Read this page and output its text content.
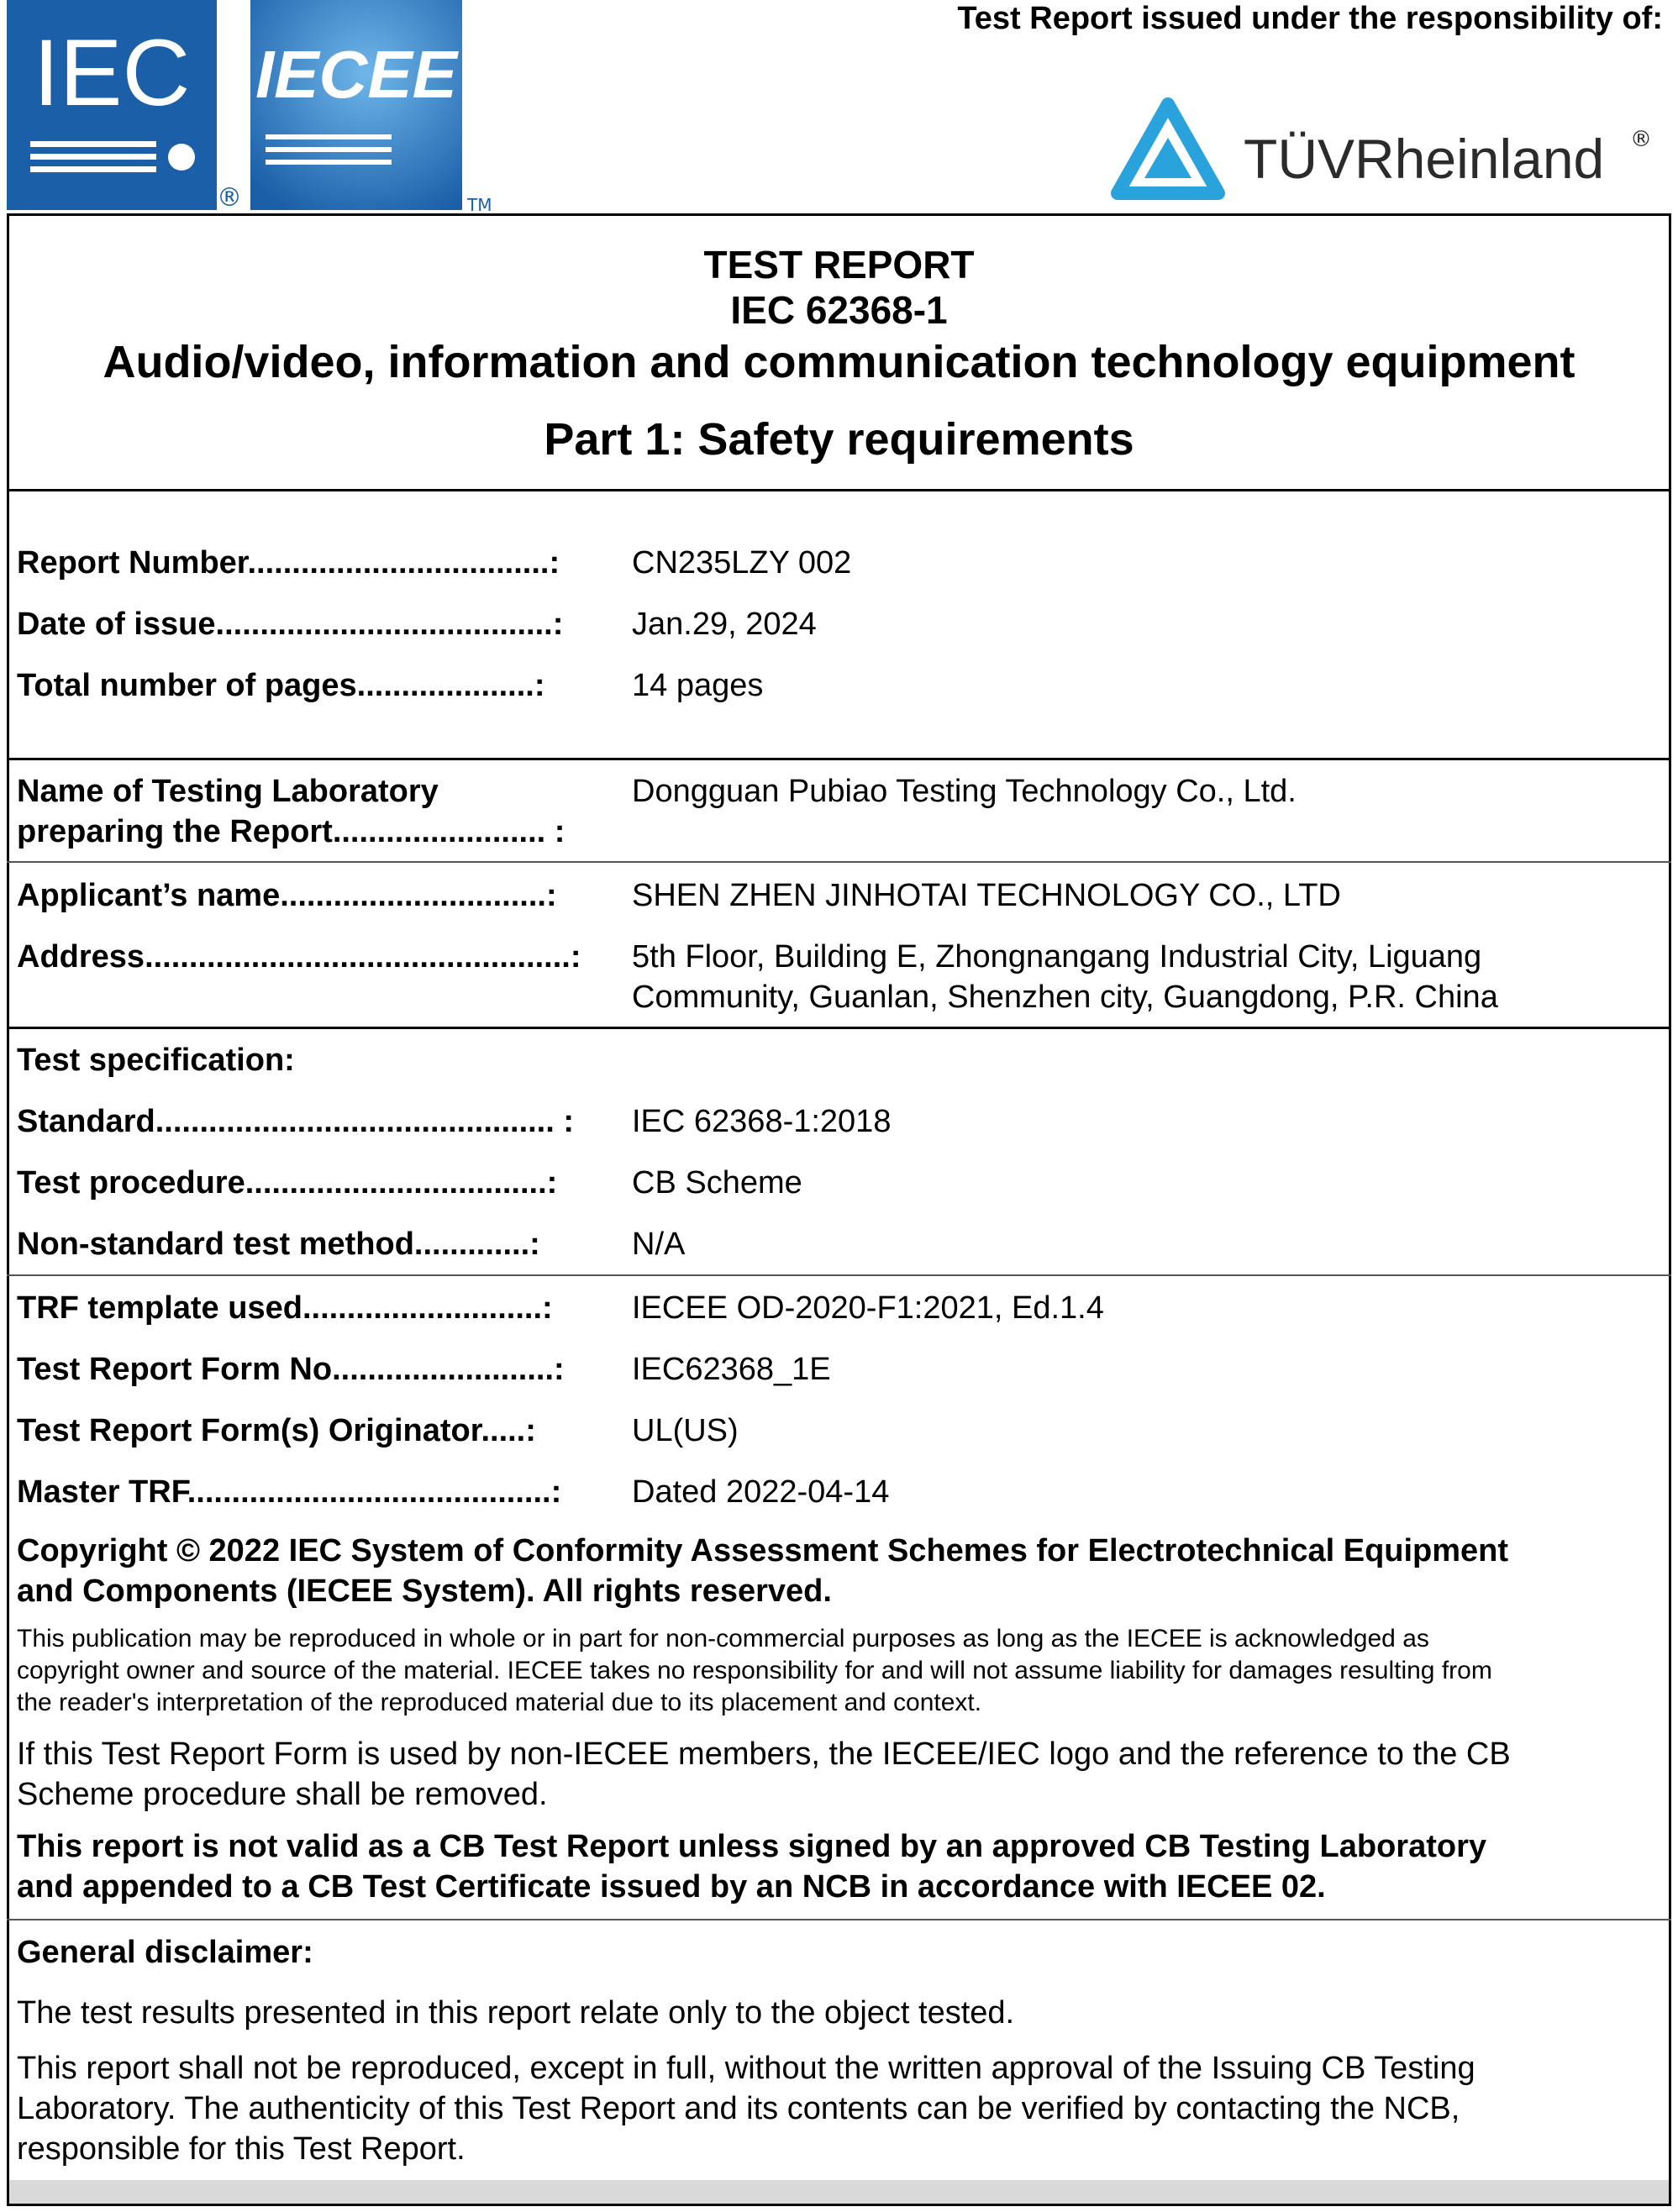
IEC
®
IECEE
TM
Test Report issued under the responsibility of:
TÜVRheinland ®
TEST REPORT
IEC 62368-1
Audio/video, information and communication technology equipment
Part 1: Safety requirements
Report Number..................................:	CN235LZY 002
Date of issue......................................:	Jan.29, 2024
Total number of pages....................:	14 pages
Name of Testing Laboratory
preparing the Report........................ :
Dongguan Pubiao Testing Technology Co., Ltd.
Applicant’s name..............................:	SHEN ZHEN JINHOTAI TECHNOLOGY CO., LTD
Address................................................: 5th Floor, Building E, Zhongnangang Industrial City, Liguang
Community, Guanlan, Shenzhen city, Guangdong, P.R. China
Test specification:
Standard............................................. :	IEC 62368-1:2018
Test procedure..................................:	CB Scheme
Non-standard test method.............:	N/A
TRF template used...........................:	IECEE OD-2020-F1:2021, Ed.1.4
Test Report Form No.........................:	IEC62368_1E
Test Report Form(s) Originator.....:	UL(US)
Master TRF.........................................:	Dated 2022-04-14
Copyright © 2022 IEC System of Conformity Assessment Schemes for Electrotechnical Equipment
and Components (IECEE System). All rights reserved.
This publication may be reproduced in whole or in part for non-commercial purposes as long as the IECEE is acknowledged as
copyright owner and source of the material. IECEE takes no responsibility for and will not assume liability for damages resulting from
the reader's interpretation of the reproduced material due to its placement and context.
If this Test Report Form is used by non-IECEE members, the IECEE/IEC logo and the reference to the CB
Scheme procedure shall be removed.
This report is not valid as a CB Test Report unless signed by an approved CB Testing Laboratory
and appended to a CB Test Certificate issued by an NCB in accordance with IECEE 02.
General disclaimer:
The test results presented in this report relate only to the object tested.
This report shall not be reproduced, except in full, without the written approval of the Issuing CB Testing
Laboratory. The authenticity of this Test Report and its contents can be verified by contacting the NCB,
responsible for this Test Report.
